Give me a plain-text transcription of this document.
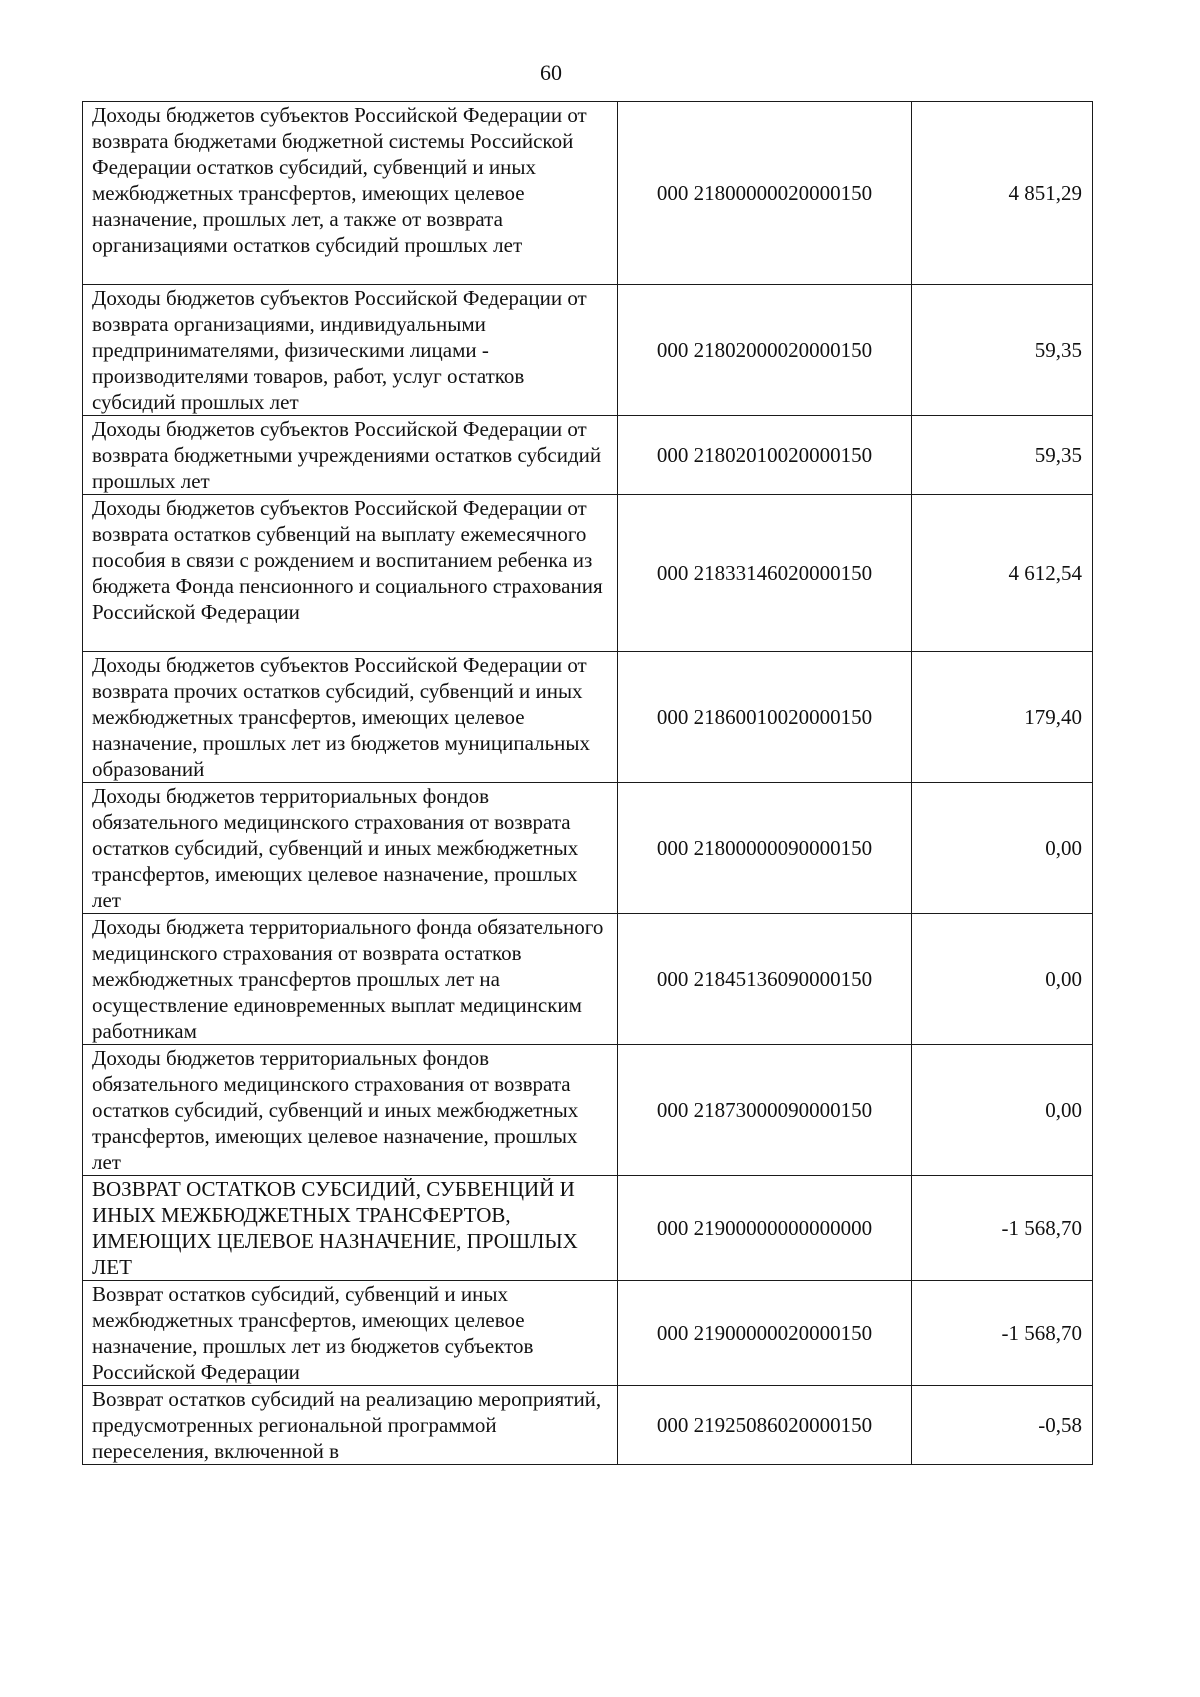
60
Доходы бюджетов субъектов Российской Федерации от возврата бюджетами бюджетной системы Российской Федерации остатков субсидий, субвенций и иных межбюджетных трансфертов, имеющих целевое назначение, прошлых лет, а также от возврата организациями остатков субсидий прошлых лет	000 21800000020000150	4 851,29
Доходы бюджетов субъектов Российской Федерации от возврата организациями, индивидуальными предпринимателями, физическими лицами - производителями товаров, работ, услуг остатков субсидий прошлых лет	000 21802000020000150	59,35
Доходы бюджетов субъектов Российской Федерации от возврата бюджетными учреждениями остатков субсидий прошлых лет	000 21802010020000150	59,35
Доходы бюджетов субъектов Российской Федерации от возврата остатков субвенций на выплату ежемесячного пособия в связи с рождением и воспитанием ребенка из бюджета Фонда пенсионного и социального страхования Российской Федерации	000 21833146020000150	4 612,54
Доходы бюджетов субъектов Российской Федерации от возврата прочих остатков субсидий, субвенций и иных межбюджетных трансфертов, имеющих целевое назначение, прошлых лет из бюджетов муниципальных образований	000 21860010020000150	179,40
Доходы бюджетов территориальных фондов обязательного медицинского страхования от возврата остатков субсидий, субвенций и иных межбюджетных трансфертов, имеющих целевое назначение, прошлых лет	000 21800000090000150	0,00
Доходы бюджета территориального фонда обязательного медицинского страхования от возврата остатков межбюджетных трансфертов прошлых лет на осуществление единовременных выплат медицинским работникам	000 21845136090000150	0,00
Доходы бюджетов территориальных фондов обязательного медицинского страхования от возврата остатков субсидий, субвенций и иных межбюджетных трансфертов, имеющих целевое назначение, прошлых лет	000 21873000090000150	0,00
ВОЗВРАТ ОСТАТКОВ СУБСИДИЙ, СУБВЕНЦИЙ И ИНЫХ МЕЖБЮДЖЕТНЫХ ТРАНСФЕРТОВ, ИМЕЮЩИХ ЦЕЛЕВОЕ НАЗНАЧЕНИЕ, ПРОШЛЫХ ЛЕТ	000 21900000000000000	-1 568,70
Возврат остатков субсидий, субвенций и иных межбюджетных трансфертов, имеющих целевое назначение, прошлых лет из бюджетов субъектов Российской Федерации	000 21900000020000150	-1 568,70
Возврат остатков субсидий на реализацию мероприятий, предусмотренных региональной программой переселения, включенной в	000 21925086020000150	-0,58
